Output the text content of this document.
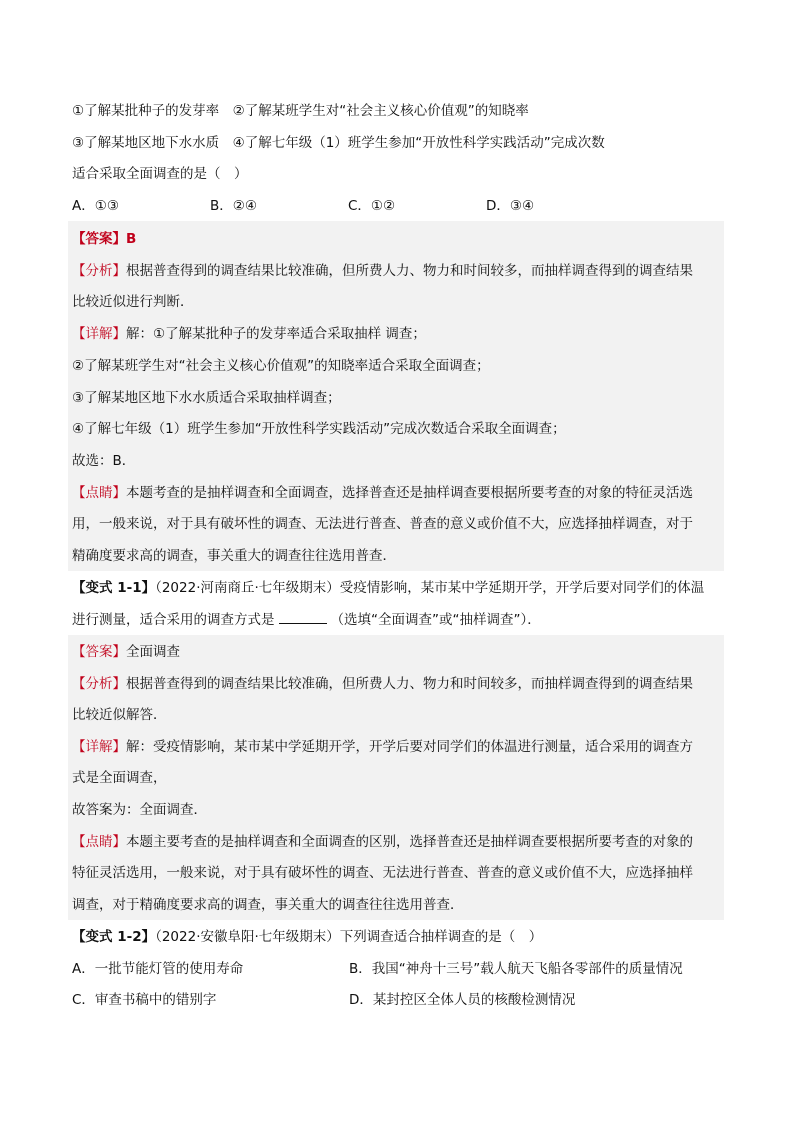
①了解某批种子的发芽率　②了解某班学生对“社会主义核心价值观”的知晓率
③了解某地区地下水水质　④了解七年级（1）班学生参加“开放性科学实践活动”完成次数
适合采取全面调查的是（　）
A．①③	B．②④	C．①②	D．③④
【答案】B
【分析】根据普查得到的调查结果比较准确，但所费人力、物力和时间较多，而抽样调查得到的调查结果
比较近似进行判断．
【详解】解：①了解某批种子的发芽率适合采取抽样 调查；
②了解某班学生对“社会主义核心价值观”的知晓率适合采取全面调查；
③了解某地区地下水水质适合采取抽样调查；
④了解七年级（1）班学生参加“开放性科学实践活动”完成次数适合采取全面调查；
故选：B．
【点睛】本题考查的是抽样调查和全面调查，选择普查还是抽样调查要根据所要考查的对象的特征灵活选
用，一般来说，对于具有破坏性的调查、无法进行普查、普查的意义或价值不大，应选择抽样调查，对于
精确度要求高的调查，事关重大的调查往往选用普查．
【变式 1-1】（2022·河南商丘·七年级期末）受疫情影响，某市某中学延期开学，开学后要对同学们的体温
进行测量，适合采用的调查方式是	（选填“全面调查”或“抽样调查”）．
【答案】全面调查
【分析】根据普查得到的调查结果比较准确，但所费人力、物力和时间较多，而抽样调查得到的调查结果
比较近似解答．
【详解】解：受疫情影响，某市某中学延期开学，开学后要对同学们的体温进行测量，适合采用的调查方
式是全面调查，
故答案为：全面调查．
【点睛】本题主要考查的是抽样调查和全面调查的区别，选择普查还是抽样调查要根据所要考查的对象的
特征灵活选用，一般来说，对于具有破坏性的调查、无法进行普查、普查的意义或价值不大，应选择抽样
调查，对于精确度要求高的调查，事关重大的调查往往选用普查．
【变式 1-2】（2022·安徽阜阳·七年级期末）下列调查适合抽样调查的是（　）
A．一批节能灯管的使用寿命	B．我国“神舟十三号”载人航天飞船各零部件的质量情况
C．审查书稿中的错别字	D．某封控区全体人员的核酸检测情况
